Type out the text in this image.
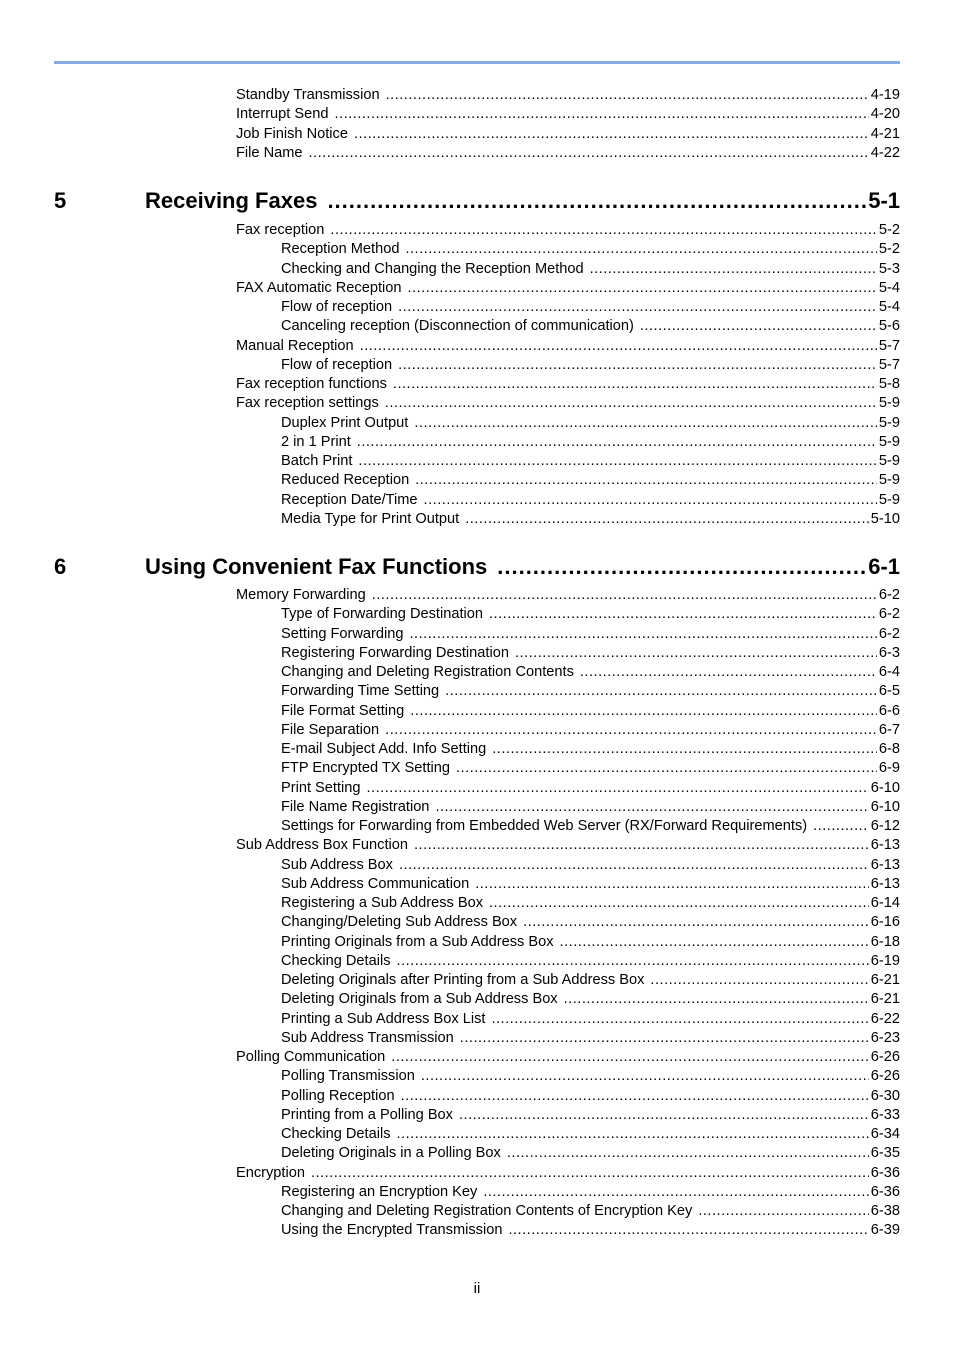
Standby Transmission .....	4-19
Interrupt Send .....	4-20
Job Finish Notice .....	4-21
File Name .....	4-22
5	Receiving Faxes .....	5-1
Fax reception .....	5-2
Reception Method .....	5-2
Checking and Changing the Reception Method .....	5-3
FAX Automatic Reception .....	5-4
Flow of reception .....	5-4
Canceling reception (Disconnection of communication) .....	5-6
Manual Reception .....	5-7
Flow of reception .....	5-7
Fax reception functions .....	5-8
Fax reception settings .....	5-9
Duplex Print Output .....	5-9
2 in 1 Print .....	5-9
Batch Print .....	5-9
Reduced Reception .....	5-9
Reception Date/Time .....	5-9
Media Type for Print Output .....	5-10
6	Using Convenient Fax Functions .....	6-1
Memory Forwarding .....	6-2
Type of Forwarding Destination .....	6-2
Setting Forwarding .....	6-2
Registering Forwarding Destination .....	6-3
Changing and Deleting Registration Contents .....	6-4
Forwarding Time Setting .....	6-5
File Format Setting .....	6-6
File Separation .....	6-7
E-mail Subject Add. Info Setting .....	6-8
FTP Encrypted TX Setting .....	6-9
Print Setting .....	6-10
File Name Registration .....	6-10
Settings for Forwarding from Embedded Web Server (RX/Forward Requirements) .....	6-12
Sub Address Box Function .....	6-13
Sub Address Box .....	6-13
Sub Address Communication .....	6-13
Registering a Sub Address Box .....	6-14
Changing/Deleting Sub Address Box .....	6-16
Printing Originals from a Sub Address Box .....	6-18
Checking Details .....	6-19
Deleting Originals after Printing from a Sub Address Box .....	6-21
Deleting Originals from a Sub Address Box .....	6-21
Printing a Sub Address Box List .....	6-22
Sub Address Transmission .....	6-23
Polling Communication .....	6-26
Polling Transmission .....	6-26
Polling Reception .....	6-30
Printing from a Polling Box .....	6-33
Checking Details .....	6-34
Deleting Originals in a Polling Box .....	6-35
Encryption .....	6-36
Registering an Encryption Key .....	6-36
Changing and Deleting Registration Contents of Encryption Key .....	6-38
Using the Encrypted Transmission .....	6-39
ii
